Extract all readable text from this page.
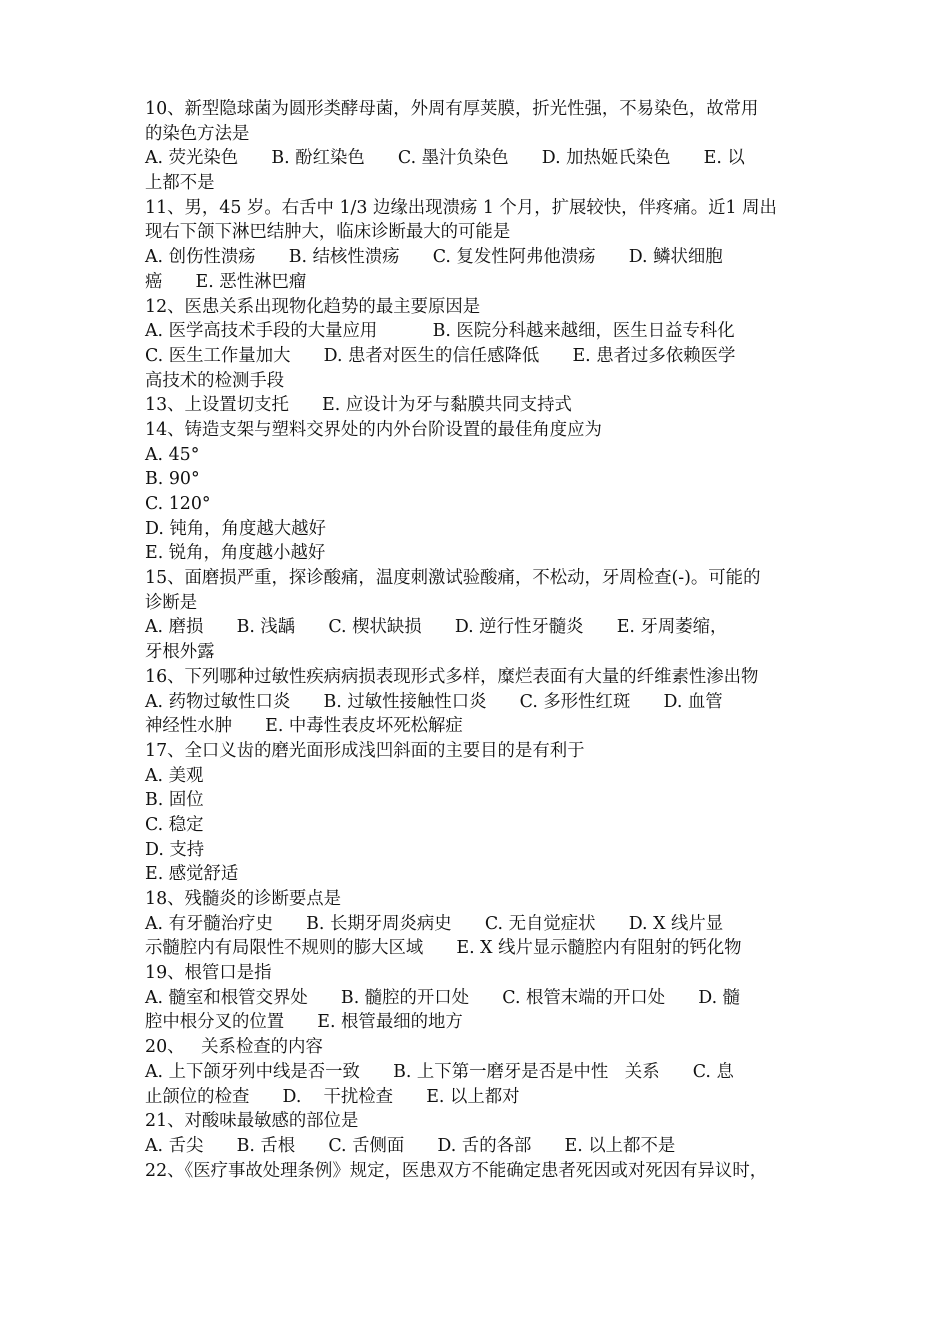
10、新型隐球菌为圆形类酵母菌，外周有厚荚膜，折光性强，不易染色，故常用
的染色方法是
A. 荧光染色      B. 酚红染色      C. 墨汁负染色      D. 加热姬氏染色      E. 以
上都不是
11、男，45 岁。右舌中 1/3 边缘出现溃疡 1 个月，扩展较快，伴疼痛。近1 周出
现右下颌下淋巴结肿大，临床诊断最大的可能是
A. 创伤性溃疡      B. 结核性溃疡      C. 复发性阿弗他溃疡      D. 鳞状细胞
癌      E. 恶性淋巴瘤
12、医患关系出现物化趋势的最主要原因是
A. 医学高技术手段的大量应用          B. 医院分科越来越细，医生日益专科化
C. 医生工作量加大      D. 患者对医生的信任感降低      E. 患者过多依赖医学
高技术的检测手段
13、上设置切支托      E. 应设计为牙与黏膜共同支持式
14、铸造支架与塑料交界处的内外台阶设置的最佳角度应为
A. 45°
B. 90°
C. 120°
D. 钝角，角度越大越好
E. 锐角，角度越小越好
15、面磨损严重，探诊酸痛，温度刺激试验酸痛，不松动，牙周检查(-)。可能的
诊断是
A. 磨损      B. 浅龋      C. 楔状缺损      D. 逆行性牙髓炎      E. 牙周萎缩，
牙根外露
16、下列哪种过敏性疾病病损表现形式多样，糜烂表面有大量的纤维素性渗出物
A. 药物过敏性口炎      B. 过敏性接触性口炎      C. 多形性红斑      D. 血管
神经性水肿      E. 中毒性表皮坏死松解症
17、全口义齿的磨光面形成浅凹斜面的主要目的是有利于
A. 美观
B. 固位
C. 稳定
D. 支持
E. 感觉舒适
18、残髓炎的诊断要点是
A. 有牙髓治疗史      B. 长期牙周炎病史      C. 无自觉症状      D. X 线片显
示髓腔内有局限性不规则的膨大区域      E. X 线片显示髓腔内有阻射的钙化物
19、根管口是指
A. 髓室和根管交界处      B. 髓腔的开口处      C. 根管末端的开口处      D. 髓
腔中根分叉的位置      E. 根管最细的地方
20、   关系检查的内容
A. 上下颌牙列中线是否一致      B. 上下第一磨牙是否是中性   关系      C. 息
止颌位的检查      D.    干扰检查      E. 以上都对
21、对酸味最敏感的部位是
A. 舌尖      B. 舌根      C. 舌侧面      D. 舌的各部      E. 以上都不是
22、《医疗事故处理条例》规定，医患双方不能确定患者死因或对死因有异议时，
